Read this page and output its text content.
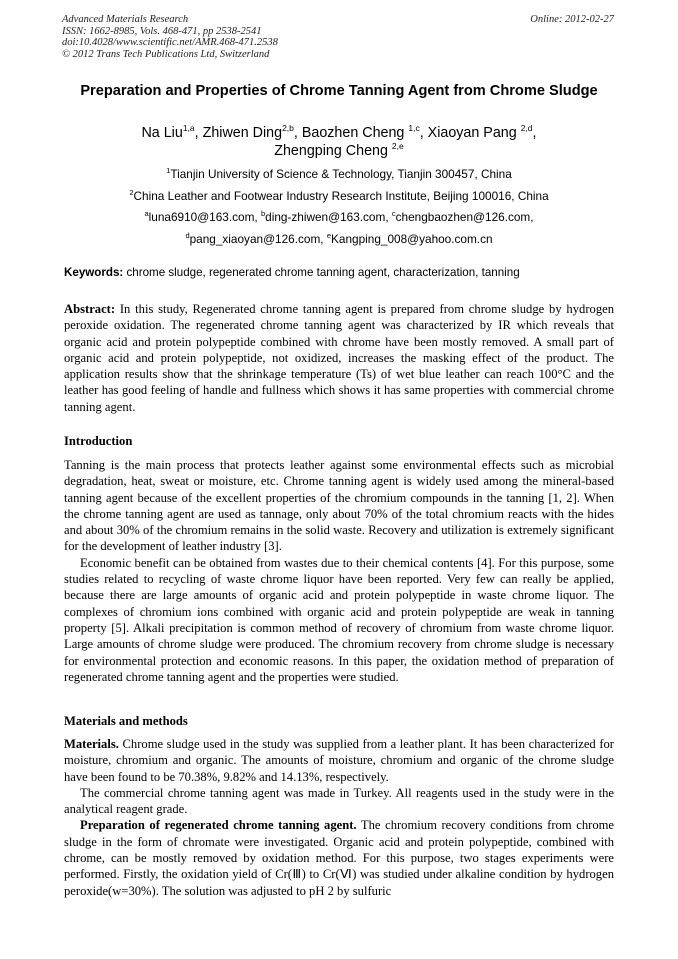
Advanced Materials Research
ISSN: 1662-8985, Vols. 468-471, pp 2538-2541
doi:10.4028/www.scientific.net/AMR.468-471.2538
© 2012 Trans Tech Publications Ltd, Switzerland
Online: 2012-02-27
Preparation and Properties of Chrome Tanning Agent from Chrome Sludge
Na Liu$^{1,a}$, Zhiwen Ding$^{2,b}$, Baozhen Cheng $^{1,c}$, Xiaoyan Pang $^{2,d}$,
Zhengping Cheng $^{2,e}$
$^1$Tianjin University of Science & Technology, Tianjin 300457, China
$^2$China Leather and Footwear Industry Research Institute, Beijing 100016, China
$^a$luna6910@163.com, $^b$ding-zhiwen@163.com, $^c$chengbaozhen@126.com,
$^d$pang_xiaoyan@126.com, $^e$Kangping_008@yahoo.com.cn
Keywords: chrome sludge, regenerated chrome tanning agent, characterization, tanning

Abstract: In this study, Regenerated chrome tanning agent is prepared from chrome sludge by hydrogen peroxide oxidation. The regenerated chrome tanning agent was characterized by IR which reveals that organic acid and protein polypeptide combined with chrome have been mostly removed. A small part of organic acid and protein polypeptide, not oxidized, increases the masking effect of the product. The application results show that the shrinkage temperature (Ts) of wet blue leather can reach 100°C and the leather has good feeling of handle and fullness which shows it has same properties with commercial chrome tanning agent.

Introduction

Tanning is the main process that protects leather against some environmental effects such as microbial degradation, heat, sweat or moisture, etc. Chrome tanning agent is widely used among the mineral-based tanning agent because of the excellent properties of the chromium compounds in the tanning [1, 2]. When the chrome tanning agent are used as tannage, only about 70% of the total chromium reacts with the hides and about 30% of the chromium remains in the solid waste. Recovery and utilization is extremely significant for the development of leather industry [3].

Economic benefit can be obtained from wastes due to their chemical contents [4]. For this purpose, some studies related to recycling of waste chrome liquor have been reported. Very few can really be applied, because there are large amounts of organic acid and protein polypeptide in waste chrome liquor. The complexes of chromium ions combined with organic acid and protein polypeptide are weak in tanning property [5]. Alkali precipitation is common method of recovery of chromium from waste chrome liquor. Large amounts of chrome sludge were produced. The chromium recovery from chrome sludge is necessary for environmental protection and economic reasons. In this paper, the oxidation method of preparation of regenerated chrome tanning agent and the properties were studied.

Materials and methods

Materials. Chrome sludge used in the study was supplied from a leather plant. It has been characterized for moisture, chromium and organic. The amounts of moisture, chromium and organic of the chrome sludge have been found to be 70.38%, 9.82% and 14.13%, respectively.

The commercial chrome tanning agent was made in Turkey. All reagents used in the study were in the analytical reagent grade.

Preparation of regenerated chrome tanning agent. The chromium recovery conditions from chrome sludge in the form of chromate were investigated. Organic acid and protein polypeptide, combined with chrome, can be mostly removed by oxidation method. For this purpose, two stages experiments were performed. Firstly, the oxidation yield of Cr(Ⅲ) to Cr(Ⅵ) was studied under alkaline condition by hydrogen peroxide(w=30%). The solution was adjusted to pH 2 by sulfuric
